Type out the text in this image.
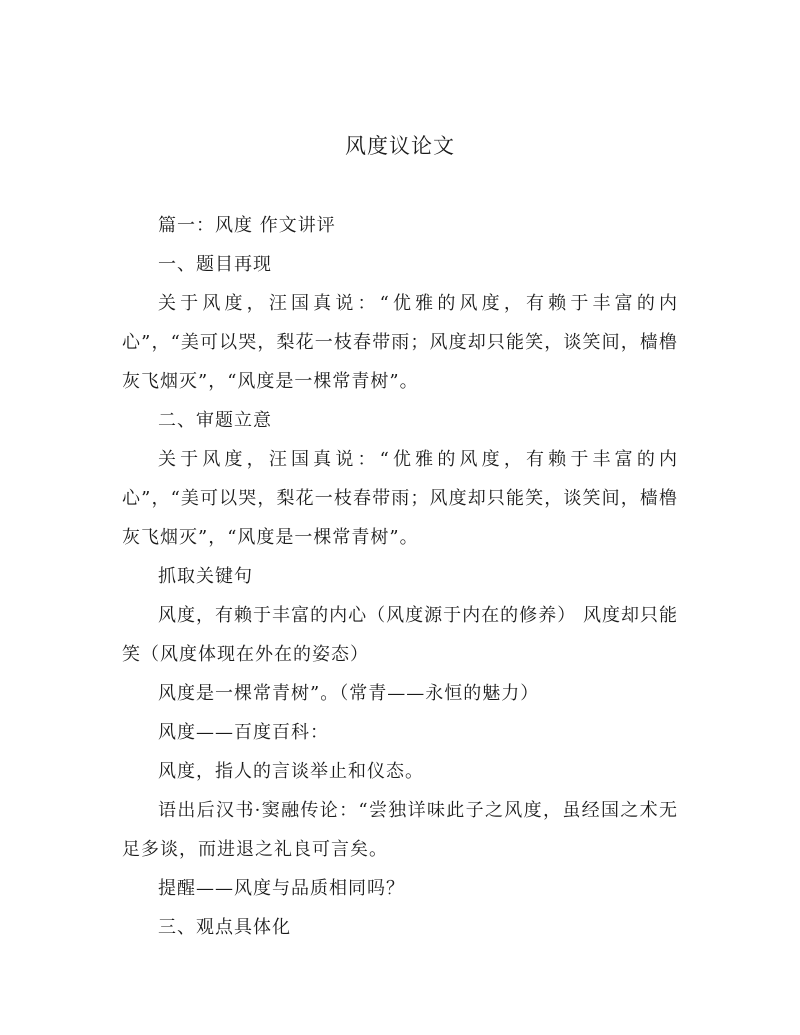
风度议论文

篇一：风度 作文讲评

一、题目再现

关于风度，汪国真说：“优雅的风度，有赖于丰富的内心”，“美可以哭，梨花一枝春带雨；风度却只能笑，谈笑间，樯橹灰飞烟灭”，“风度是一棵常青树”。

二、审题立意

关于风度，汪国真说：“优雅的风度，有赖于丰富的内心”，“美可以哭，梨花一枝春带雨；风度却只能笑，谈笑间，樯橹灰飞烟灭”，“风度是一棵常青树”。

抓取关键句

风度，有赖于丰富的内心（风度源于内在的修养） 风度却只能笑（风度体现在外在的姿态）

风度是一棵常青树”。（常青——永恒的魅力）

风度——百度百科：

风度，指人的言谈举止和仪态。

语出后汉书·窦融传论：“尝独详味此子之风度，虽经国之术无足多谈，而进退之礼良可言矣。

提醒——风度与品质相同吗？

三、观点具体化
